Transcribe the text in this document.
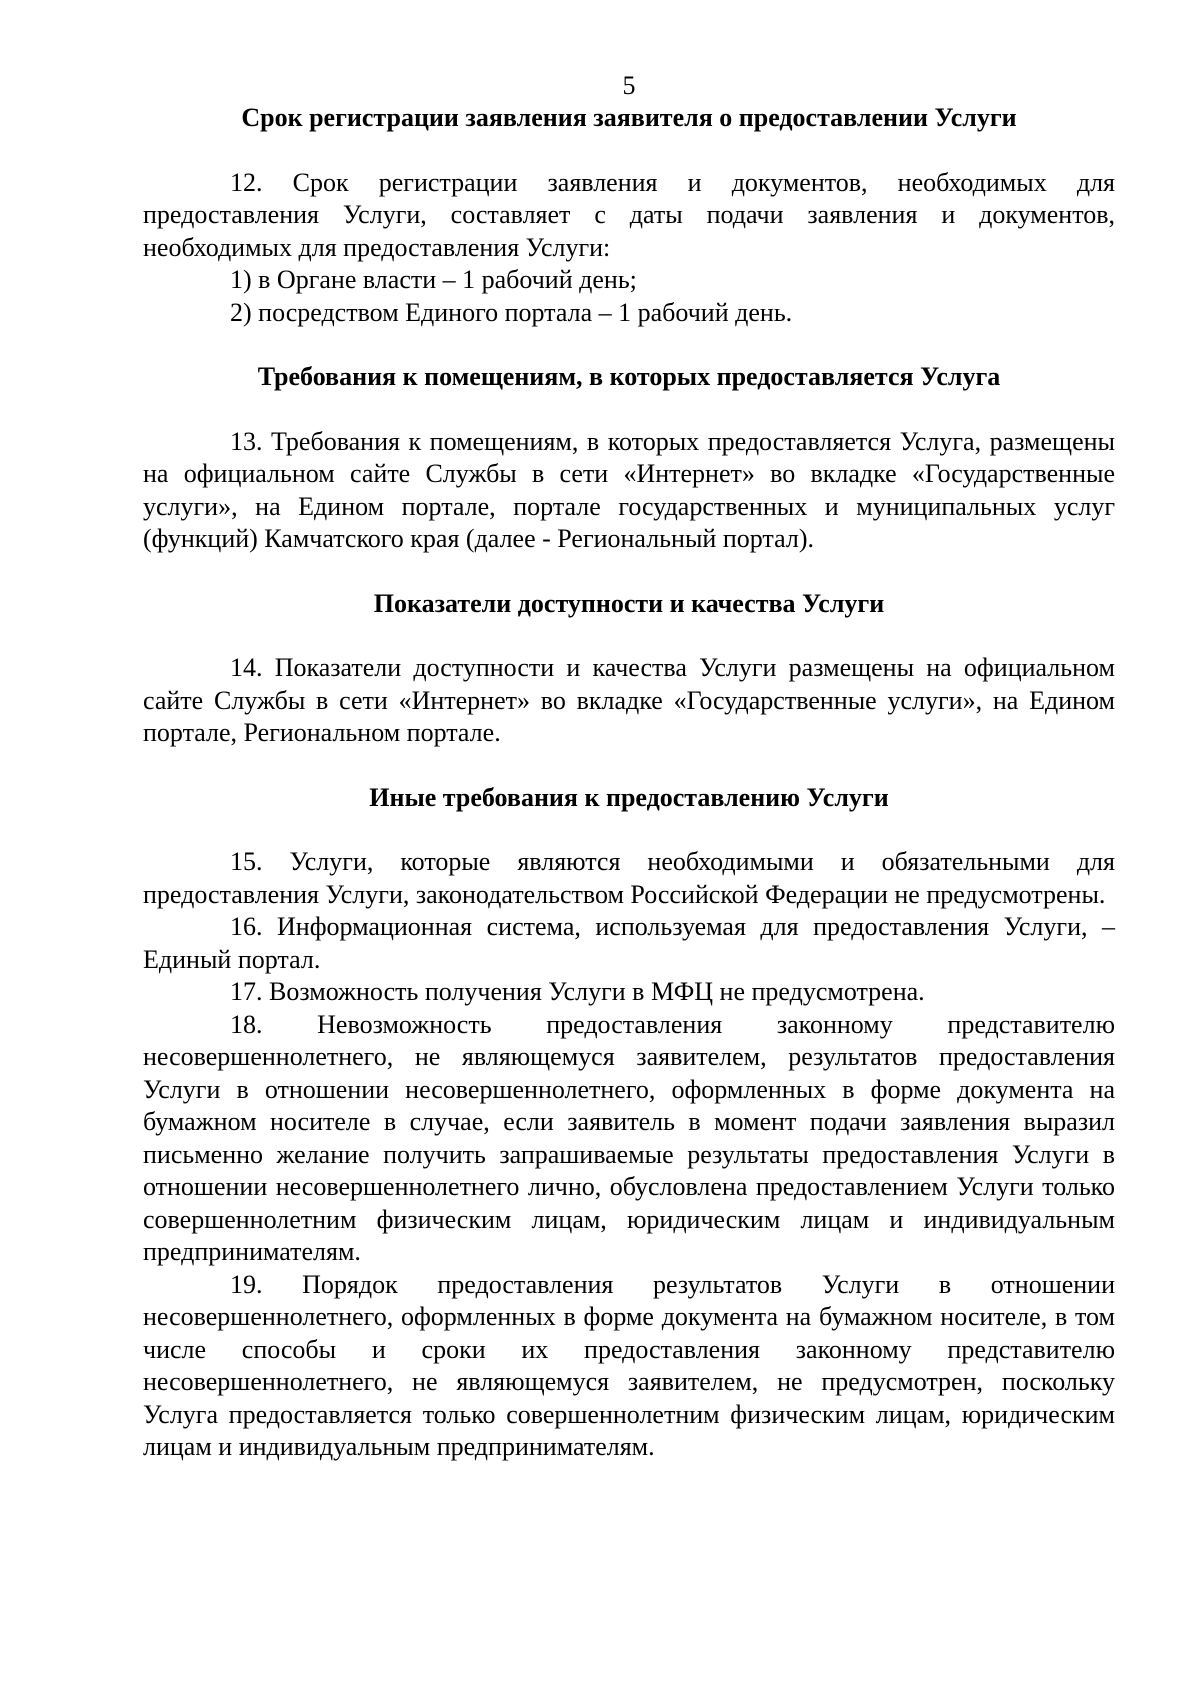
5
Срок регистрации заявления заявителя о предоставлении Услуги

12. Срок регистрации заявления и документов, необходимых для предоставления Услуги, составляет с даты подачи заявления и документов, необходимых для предоставления Услуги:

1) в Органе власти – 1 рабочий день;

2) посредством Единого портала – 1 рабочий день.

Требования к помещениям, в которых предоставляется Услуга

13. Требования к помещениям, в которых предоставляется Услуга, размещены на официальном сайте Службы в сети «Интернет» во вкладке «Государственные услуги», на Едином портале, портале государственных и муниципальных услуг (функций) Камчатского края (далее - Региональный портал).

Показатели доступности и качества Услуги

14. Показатели доступности и качества Услуги размещены на официальном сайте Службы в сети «Интернет» во вкладке «Государственные услуги», на Едином портале, Региональном портале.

Иные требования к предоставлению Услуги

15. Услуги, которые являются необходимыми и обязательными для предоставления Услуги, законодательством Российской Федерации не предусмотрены.

16. Информационная система, используемая для предоставления Услуги, – Единый портал.

17. Возможность получения Услуги в МФЦ не предусмотрена.

18. Невозможность предоставления законному представителю несовершеннолетнего, не являющемуся заявителем, результатов предоставления Услуги в отношении несовершеннолетнего, оформленных в форме документа на бумажном носителе в случае, если заявитель в момент подачи заявления выразил письменно желание получить запрашиваемые результаты предоставления Услуги в отношении несовершеннолетнего лично, обусловлена предоставлением Услуги только совершеннолетним физическим лицам, юридическим лицам и индивидуальным предпринимателям.

19. Порядок предоставления результатов Услуги в отношении несовершеннолетнего, оформленных в форме документа на бумажном носителе, в том числе способы и сроки их предоставления законному представителю несовершеннолетнего, не являющемуся заявителем, не предусмотрен, поскольку Услуга предоставляется только совершеннолетним физическим лицам, юридическим лицам и индивидуальным предпринимателям.
